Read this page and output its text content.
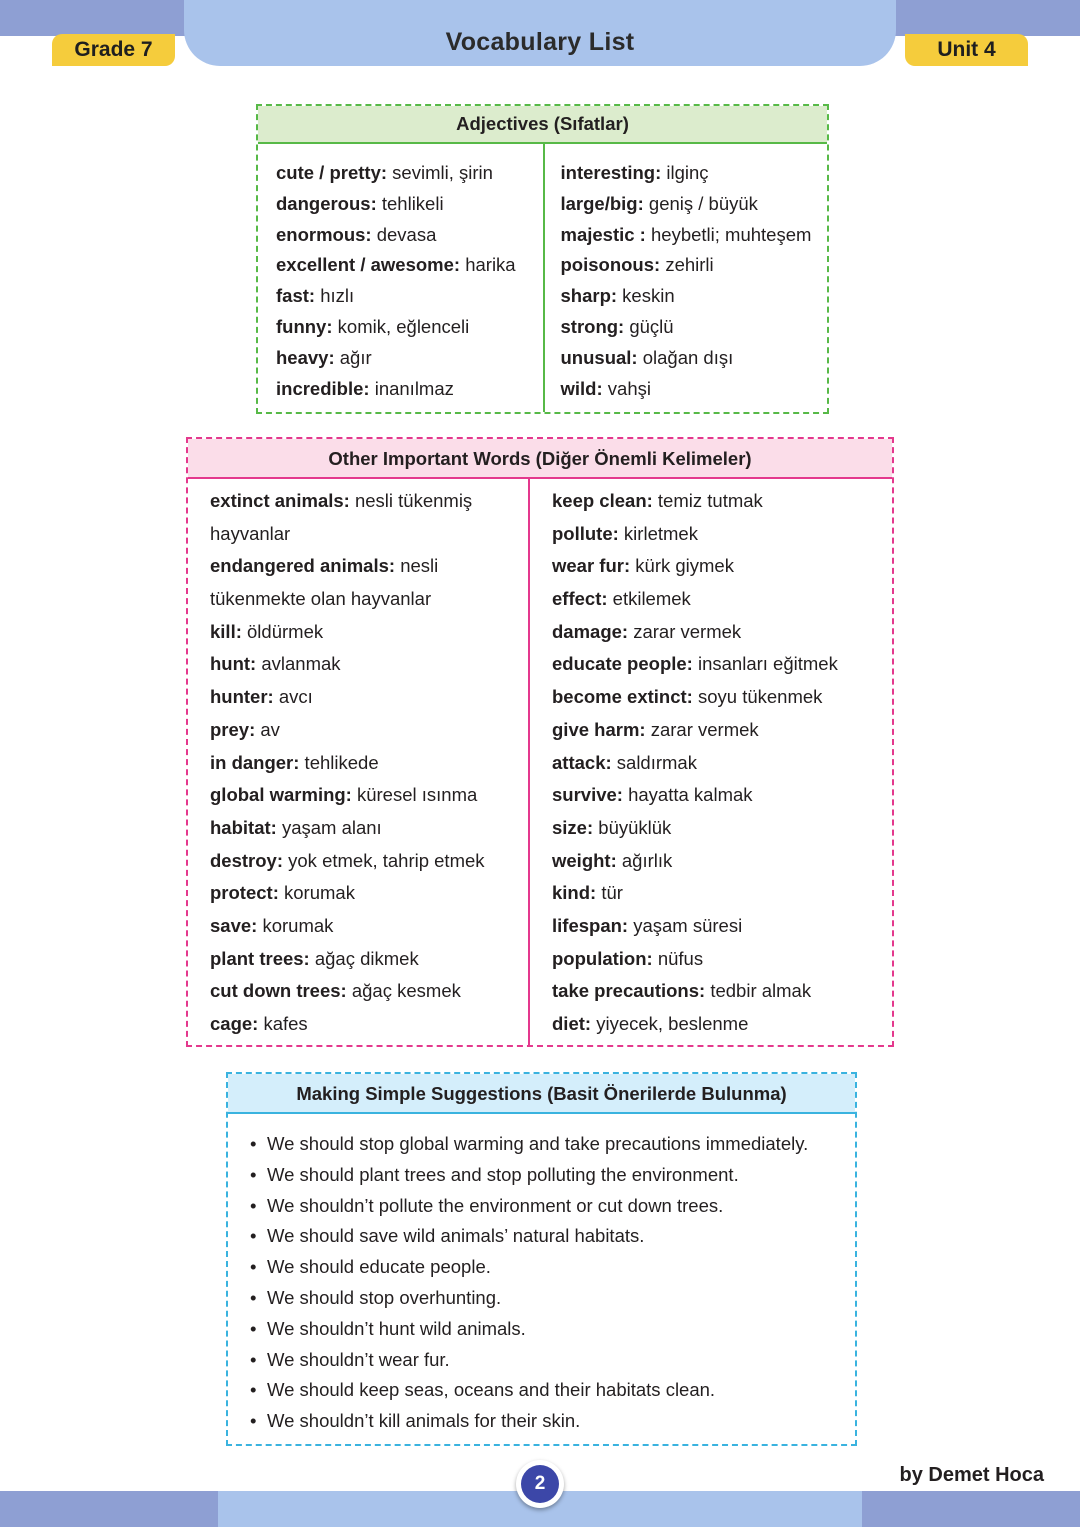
Vocabulary List
Grade 7	Unit 4
Adjectives (Sıfatlar)
cute / pretty: sevimli, şirin
dangerous: tehlikeli
enormous: devasa
excellent / awesome: harika
fast: hızlı
funny: komik, eğlenceli
heavy: ağır
incredible: inanılmaz
interesting: ilginç
large/big: geniş / büyük
majestic : heybetli; muhteşem
poisonous: zehirli
sharp: keskin
strong: güçlü
unusual: olağan dışı
wild: vahşi
Other Important Words (Diğer Önemli Kelimeler)
extinct animals: nesli tükenmiş
hayvanlar
endangered animals: nesli
tükenmekte olan hayvanlar
kill: öldürmek
hunt: avlanmak
hunter: avcı
prey: av
in danger: tehlikede
global warming: küresel ısınma
habitat: yaşam alanı
destroy: yok etmek, tahrip etmek
protect: korumak
save: korumak
plant trees: ağaç dikmek
cut down trees: ağaç kesmek
cage: kafes
keep clean: temiz tutmak
pollute: kirletmek
wear fur: kürk giymek
effect: etkilemek
damage: zarar vermek
educate people: insanları eğitmek
become extinct: soyu tükenmek
give harm: zarar vermek
attack: saldırmak
survive: hayatta kalmak
size: büyüklük
weight: ağırlık
kind: tür
lifespan: yaşam süresi
population: nüfus
take precautions: tedbir almak
diet: yiyecek, beslenme
Making Simple Suggestions (Basit Önerilerde Bulunma)
• We should stop global warming and take precautions immediately.
• We should plant trees and stop polluting the environment.
• We shouldn’t pollute the environment or cut down trees.
• We should save wild animals’ natural habitats.
• We should educate people.
• We should stop overhunting.
• We shouldn’t hunt wild animals.
• We shouldn’t wear fur.
• We should keep seas, oceans and their habitats clean.
• We shouldn’t kill animals for their skin.
2	by Demet Hoca
